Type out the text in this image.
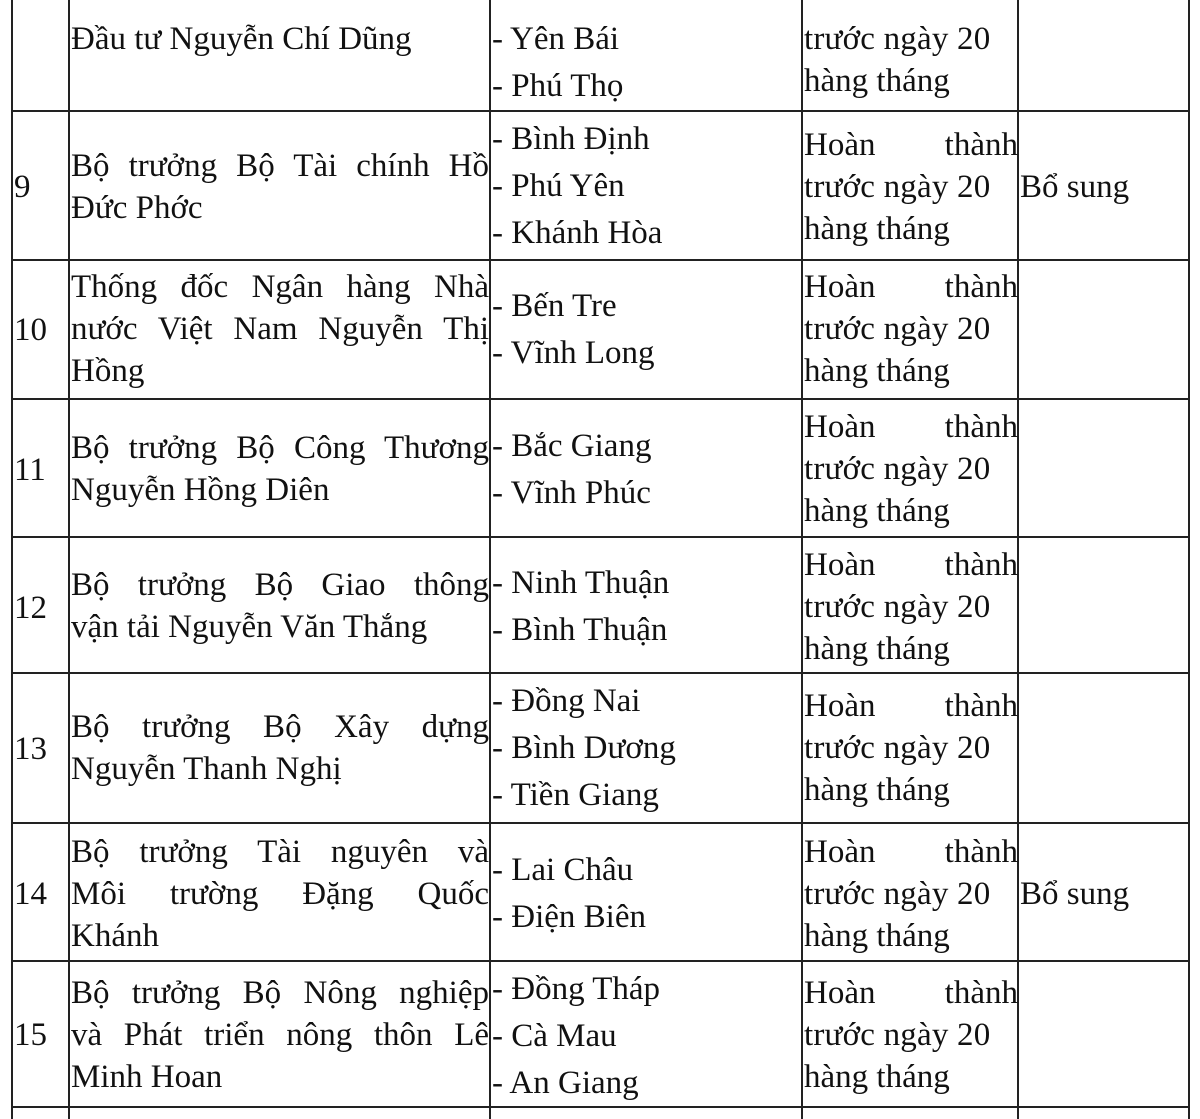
Đầu tư Nguyễn Chí Dũng	- Yên Bái
- Phú Thọ
trước ngày 20
hàng tháng
9
Bộ trưởng Bộ Tài chính Hồ
Đức Phớc
- Bình Định
- Phú Yên
- Khánh Hòa
Hoàn thành
trước ngày 20
hàng tháng
Bổ sung
10
Thống đốc Ngân hàng Nhà
nước Việt Nam Nguyễn Thị
Hồng
- Bến Tre
- Vĩnh Long
Hoàn thành
trước ngày 20
hàng tháng
11
Bộ trưởng Bộ Công Thương
Nguyễn Hồng Diên
- Bắc Giang
- Vĩnh Phúc
Hoàn thành
trước ngày 20
hàng tháng
12
Bộ trưởng Bộ Giao thông
vận tải Nguyễn Văn Thắng
- Ninh Thuận
- Bình Thuận
Hoàn thành
trước ngày 20
hàng tháng
13
Bộ trưởng Bộ Xây dựng
Nguyễn Thanh Nghị
- Đồng Nai
- Bình Dương
- Tiền Giang
Hoàn thành
trước ngày 20
hàng tháng
14
Bộ trưởng Tài nguyên và
Môi trường Đặng Quốc
Khánh
- Lai Châu
- Điện Biên
Hoàn thành
trước ngày 20
hàng tháng
Bổ sung
15
Bộ trưởng Bộ Nông nghiệp
và Phát triển nông thôn Lê
Minh Hoan
- Đồng Tháp
- Cà Mau
- An Giang
Hoàn thành
trước ngày 20
hàng tháng
